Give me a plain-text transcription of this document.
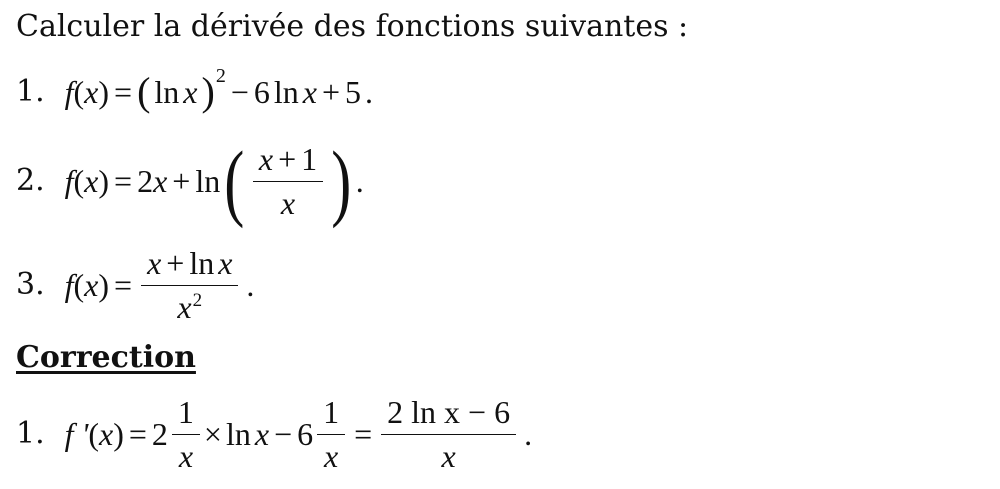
Calculer la dérivée des fonctions suivantes :
1. f ( x ) = ( ln x ) 2 − 6 ln x + 5 .
2. f ( x ) = 2 x + ln ( $\frac{x + 1}{x}$ ) .
3. f ( x ) = $\frac{\text{x + ln x}}{x^2}$ .
Correction
1. f ' ( x ) = $2 \frac{1}{x} \times \ln x - 6 \frac{1}{x} = \frac{\text{2 ln x − 6}}{x}$ .
